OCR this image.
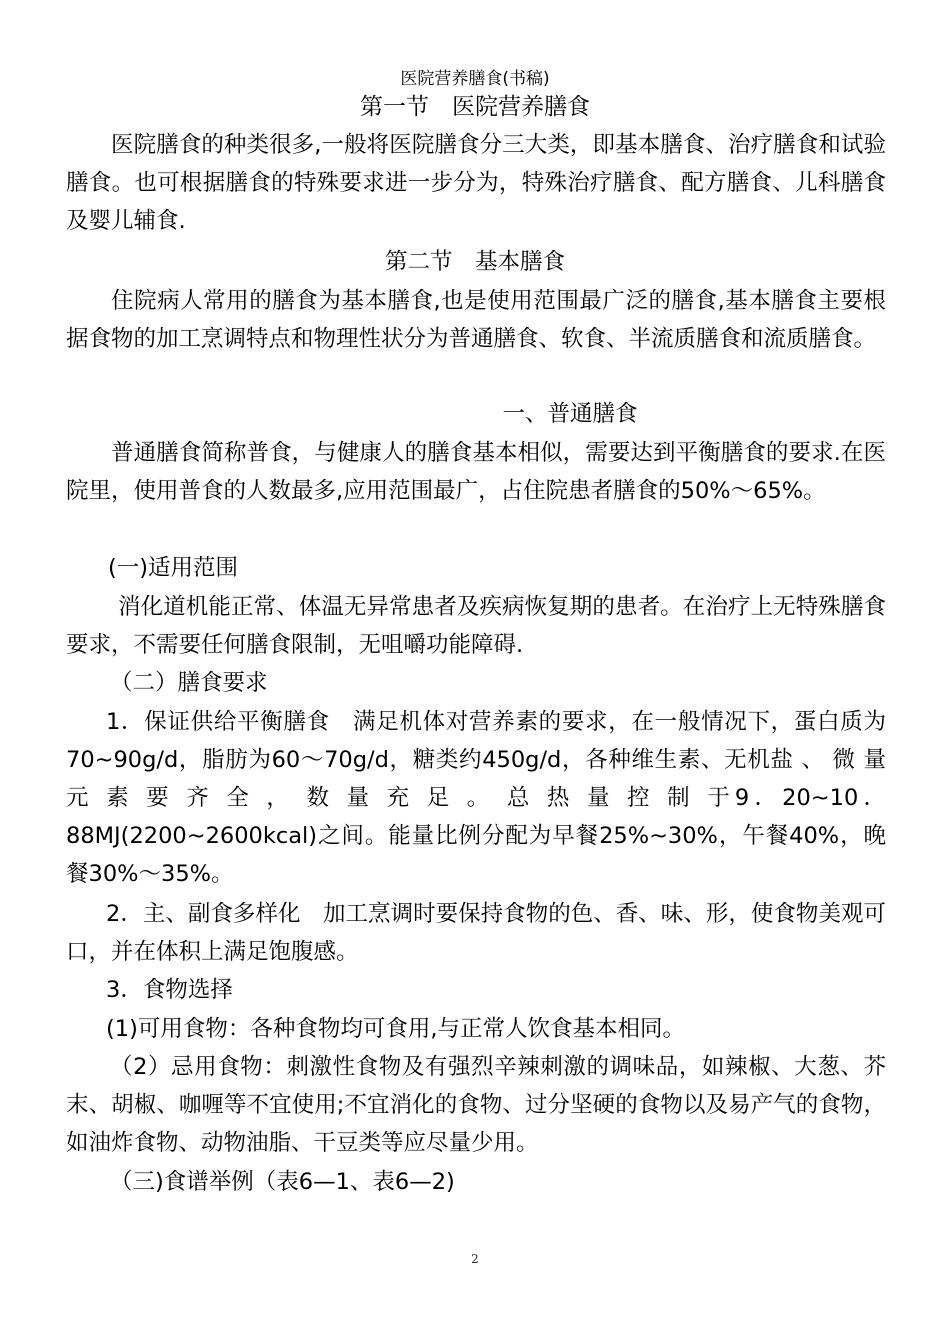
医院营养膳食(书稿)
第一节　医院营养膳食
医院膳食的种类很多,一般将医院膳食分三大类，即基本膳食、治疗膳食和试验膳食。也可根据膳食的特殊要求进一步分为，特殊治疗膳食、配方膳食、儿科膳食及婴儿辅食.
第二节　基本膳食
住院病人常用的膳食为基本膳食,也是使用范围最广泛的膳食,基本膳食主要根据食物的加工烹调特点和物理性状分为普通膳食、软食、半流质膳食和流质膳食。
一、普通膳食
普通膳食简称普食，与健康人的膳食基本相似，需要达到平衡膳食的要求.在医院里，使用普食的人数最多,应用范围最广，占住院患者膳食的50%～65%。
(一)适用范围
消化道机能正常、体温无异常患者及疾病恢复期的患者。在治疗上无特殊膳食要求，不需要任何膳食限制，无咀嚼功能障碍.
（二）膳食要求
1．保证供给平衡膳食　满足机体对营养素的要求，在一般情况下，蛋白质为70~90g/d，脂肪为60～70g/d，糖类约450g/d，各种维生素、无机盐 、 微 量 元 素 要 齐 全 ， 数 量 充 足 。 总 热 量 控 制 于9．20~10．88MJ(2200~2600kcal)之间。能量比例分配为早餐25%~30%，午餐40%，晚餐30%～35%。
2．主、副食多样化　加工烹调时要保持食物的色、香、味、形，使食物美观可口，并在体积上满足饱腹感。
3．食物选择
(1)可用食物：各种食物均可食用,与正常人饮食基本相同。
（2）忌用食物：刺激性食物及有强烈辛辣刺激的调味品，如辣椒、大葱、芥末、胡椒、咖喱等不宜使用;不宜消化的食物、过分坚硬的食物以及易产气的食物，如油炸食物、动物油脂、干豆类等应尽量少用。
（三)食谱举例（表6—1、表6—2)
2
